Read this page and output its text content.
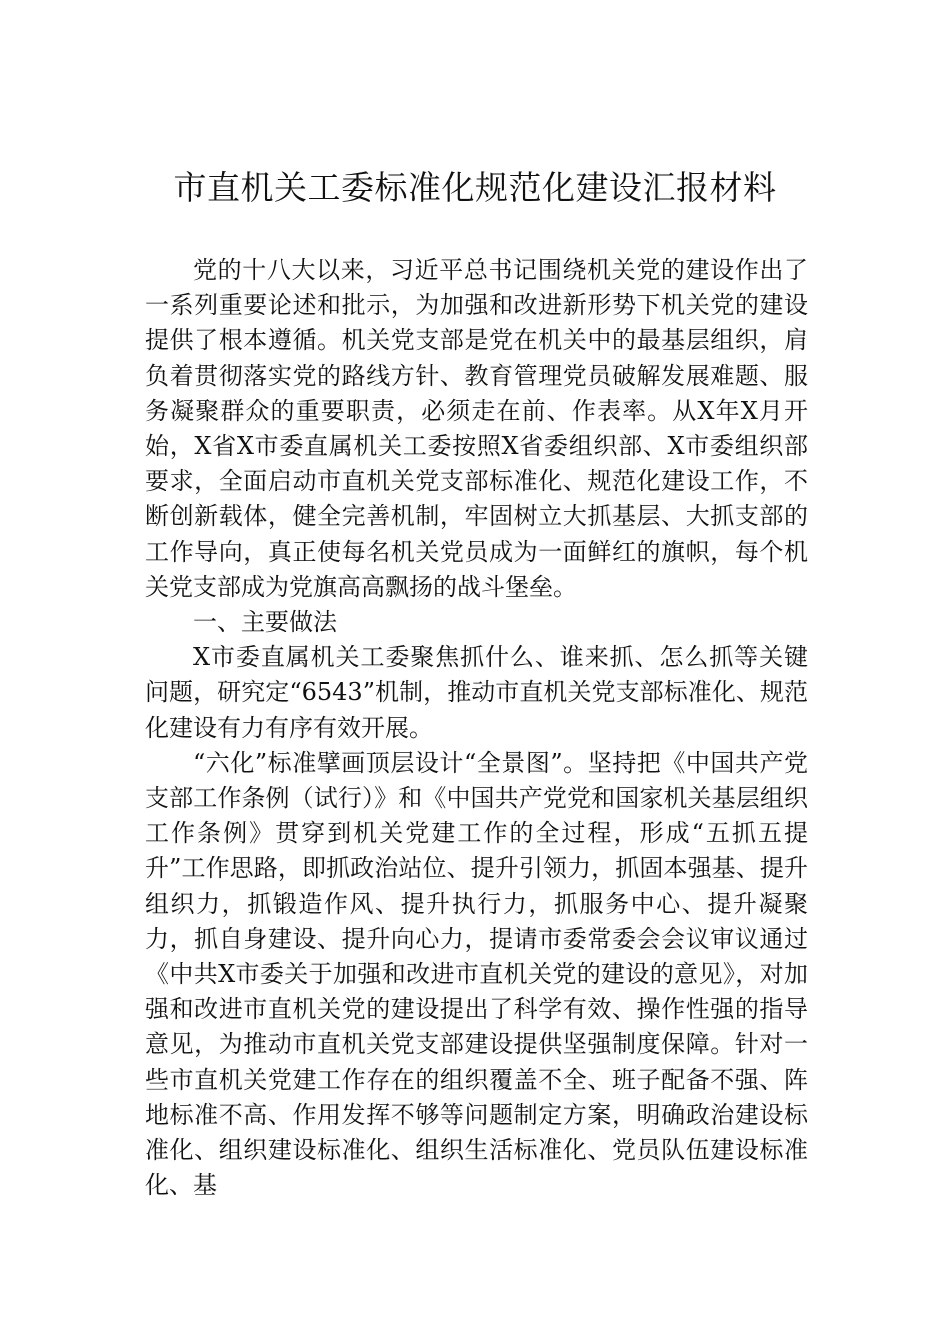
市直机关工委标准化规范化建设汇报材料

党的十八大以来，习近平总书记围绕机关党的建设作出了一系列重要论述和批示，为加强和改进新形势下机关党的建设提供了根本遵循。机关党支部是党在机关中的最基层组织，肩负着贯彻落实党的路线方针、教育管理党员破解发展难题、服务凝聚群众的重要职责，必须走在前、作表率。从X年X月开始，X省X市委直属机关工委按照X省委组织部、X市委组织部要求，全面启动市直机关党支部标准化、规范化建设工作，不断创新载体，健全完善机制，牢固树立大抓基层、大抓支部的工作导向，真正使每名机关党员成为一面鲜红的旗帜，每个机关党支部成为党旗高高飘扬的战斗堡垒。

一、主要做法

X市委直属机关工委聚焦抓什么、谁来抓、怎么抓等关键问题，研究定“6543”机制，推动市直机关党支部标准化、规范化建设有力有序有效开展。

“六化”标准擘画顶层设计“全景图”。坚持把《中国共产党支部工作条例（试行）》和《中国共产党党和国家机关基层组织工作条例》贯穿到机关党建工作的全过程，形成“五抓五提升”工作思路，即抓政治站位、提升引领力，抓固本强基、提升组织力，抓锻造作风、提升执行力，抓服务中心、提升凝聚力，抓自身建设、提升向心力，提请市委常委会会议审议通过《中共X市委关于加强和改进市直机关党的建设的意见》，对加强和改进市直机关党的建设提出了科学有效、操作性强的指导意见，为推动市直机关党支部建设提供坚强制度保障。针对一些市直机关党建工作存在的组织覆盖不全、班子配备不强、阵地标准不高、作用发挥不够等问题制定方案，明确政治建设标准化、组织建设标准化、组织生活标准化、党员队伍建设标准化、基
